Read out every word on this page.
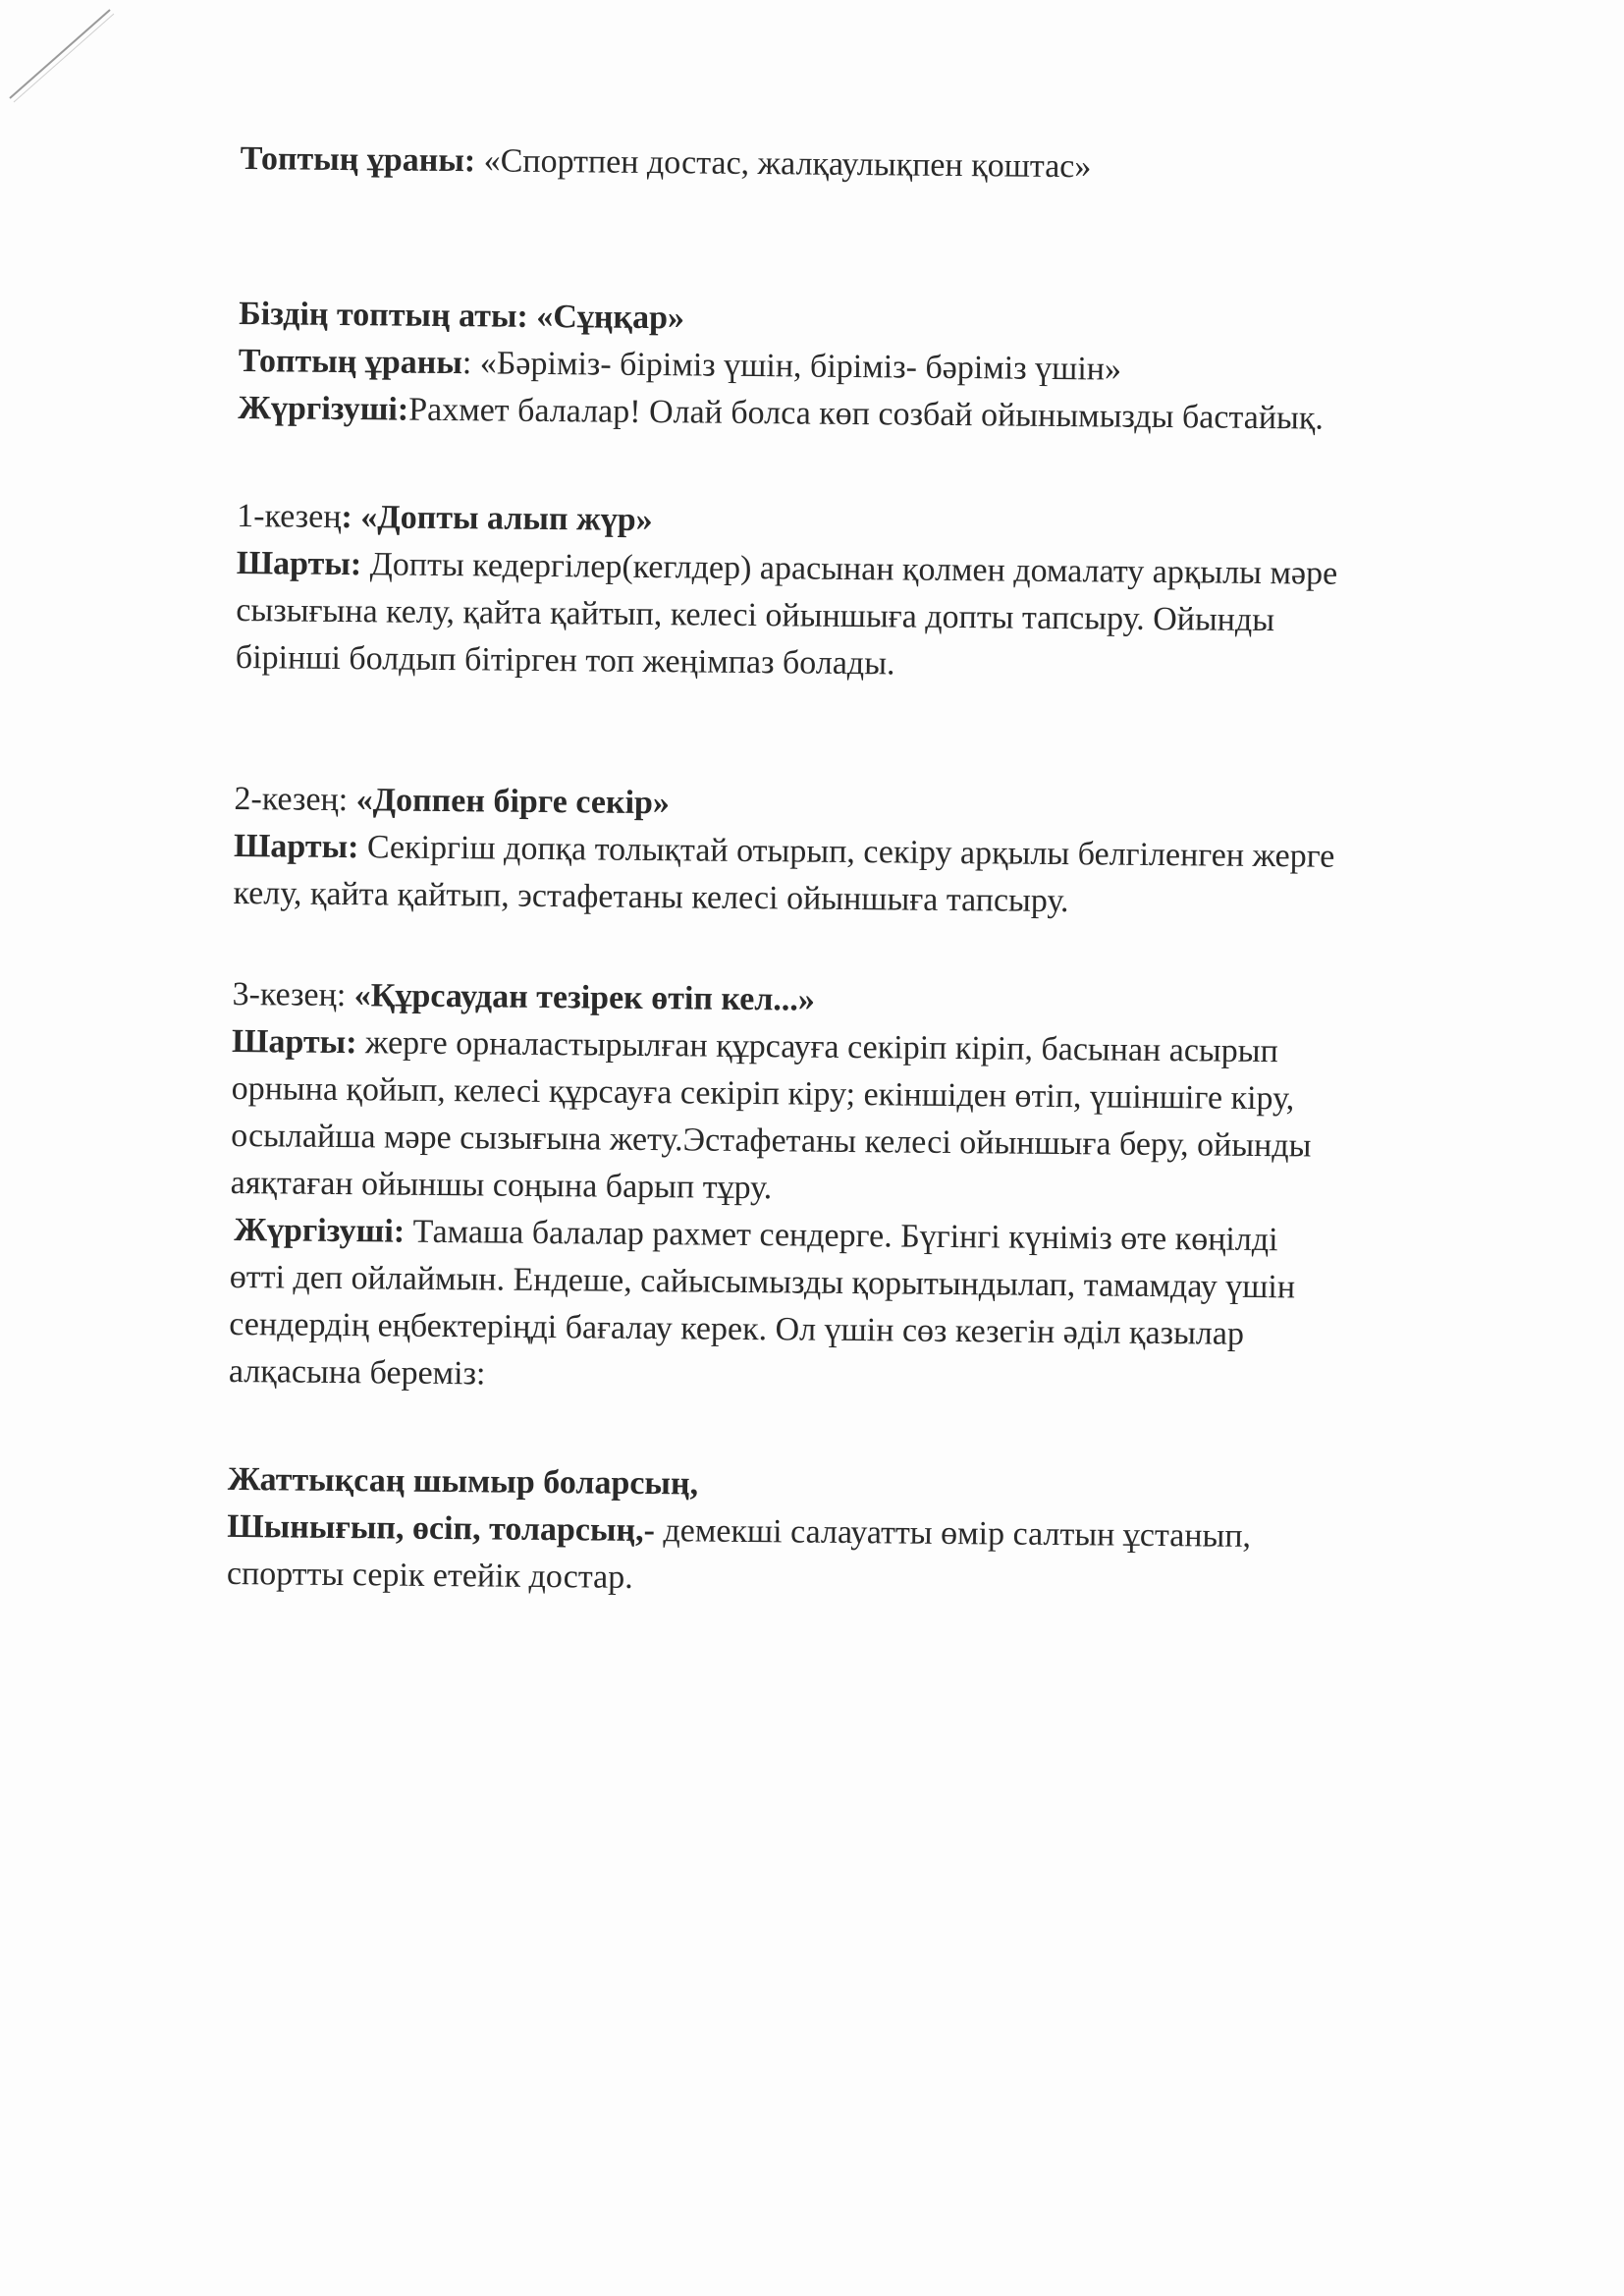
Топтың ұраны: «Спортпен достас, жалқаулықпен қоштас»

Біздің топтың аты: «Сұңқар»

Топтың ұраны: «Бәріміз- біріміз үшін, біріміз- бәріміз үшін»

Жүргізуші:Рахмет балалар! Олай болса көп созбай ойынымызды бастайық.

1-кезең: «Допты алып жүр»

Шарты: Допты кедергілер(кеглдер) арасынан қолмен домалату арқылы мәре

сызығына келу, қайта қайтып, келесі ойыншыға допты тапсыру. Ойынды

бірінші болдып бітірген топ жеңімпаз болады.

2-кезең: «Доппен бірге секір»

Шарты: Секіргіш допқа толықтай отырып, секіру арқылы белгіленген жерге

келу, қайта қайтып, эстафетаны келесі ойыншыға тапсыру.

3-кезең: «Құрсаудан тезірек өтіп кел...»

Шарты: жерге орналастырылған құрсауға секіріп кіріп, басынан асырып

орнына қойып, келесі құрсауға секіріп кіру; екіншіден өтіп, үшіншіге кіру,

осылайша мәре сызығына жету.Эстафетаны келесі ойыншыға беру, ойынды

аяқтаған ойыншы соңына барып тұру.

Жүргізуші: Тамаша балалар рахмет сендерге. Бүгінгі күніміз өте көңілді

өтті деп ойлаймын. Ендеше, сайысымызды қорытындылап, тамамдау үшін

сендердің еңбектеріңді бағалау керек. Ол үшін сөз кезегін әділ қазылар

алқасына береміз:

Жаттықсаң шымыр боларсың,

Шынығып, өсіп, толарсың,- демекші салауатты өмір салтын ұстанып,

спортты серік етейік достар.
